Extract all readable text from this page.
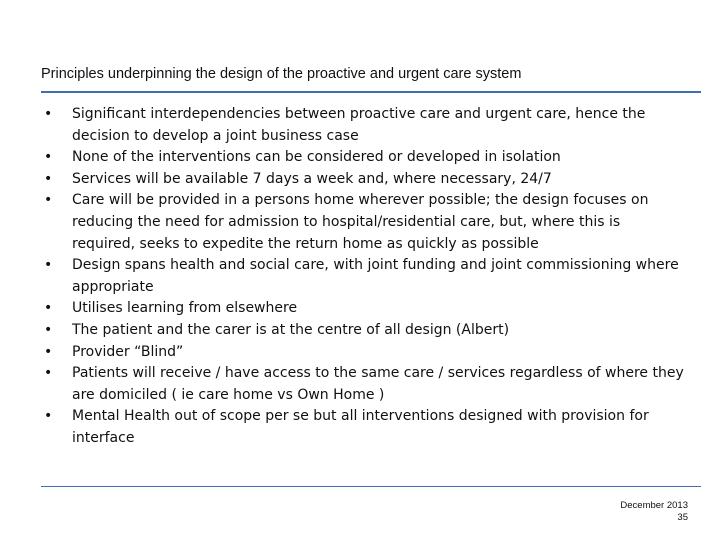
Principles underpinning the design of the proactive and urgent care system
•	Significant interdependencies between proactive care and urgent care, hence the decision to develop a joint business case
•	None of the interventions can be considered or developed in isolation
•	Services will be available 7 days a week and, where necessary, 24/7
•	Care will be provided in a persons home wherever possible; the design focuses on reducing the need for admission to hospital/residential care, but, where this is required, seeks to expedite the return home as quickly as possible
•	Design spans health and social care, with joint funding and joint commissioning where appropriate
•	Utilises learning from elsewhere
•	The patient and the carer is at the centre of all design (Albert)
•	Provider “Blind”
•	Patients will receive / have access to the same care / services regardless of where they are domiciled ( ie care home vs Own Home )
•	Mental Health out of scope per se but all interventions designed with provision for interface
December 2013
35
